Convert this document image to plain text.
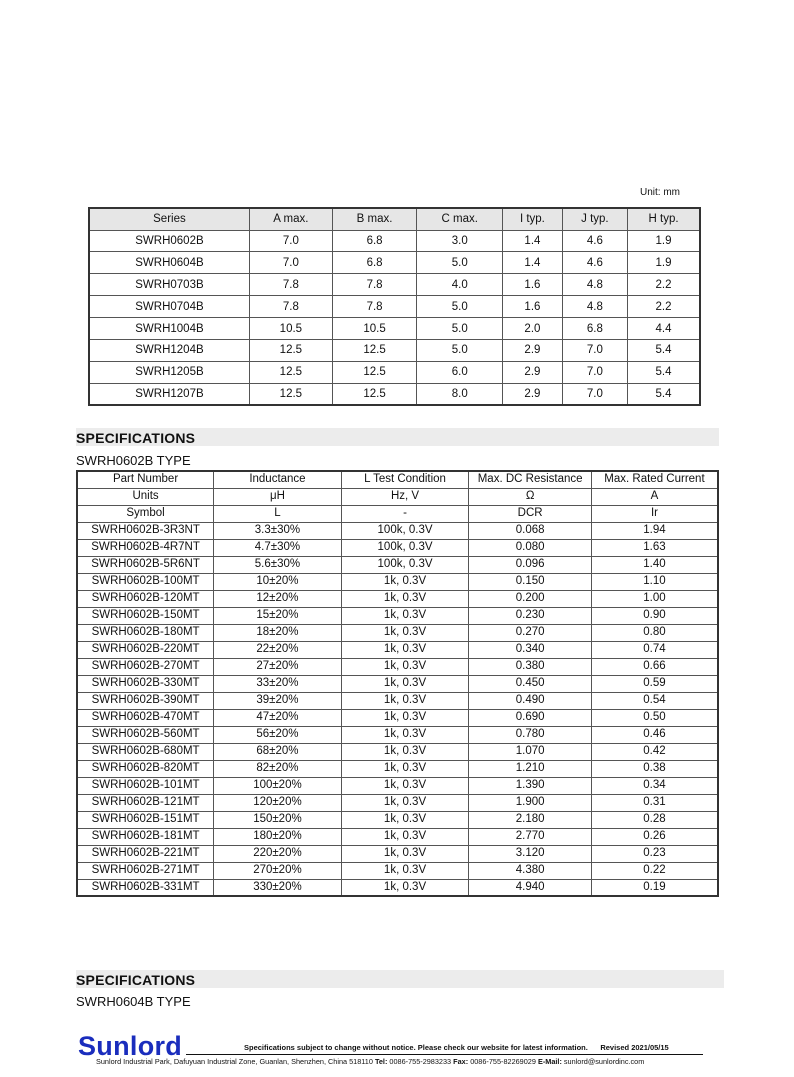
Unit: mm
Series	A max.	B max.	C max.	I typ.	J typ.	H typ.
SWRH0602B	7.0	6.8	3.0	1.4	4.6	1.9
SWRH0604B	7.0	6.8	5.0	1.4	4.6	1.9
SWRH0703B	7.8	7.8	4.0	1.6	4.8	2.2
SWRH0704B	7.8	7.8	5.0	1.6	4.8	2.2
SWRH1004B	10.5	10.5	5.0	2.0	6.8	4.4
SWRH1204B	12.5	12.5	5.0	2.9	7.0	5.4
SWRH1205B	12.5	12.5	6.0	2.9	7.0	5.4
SWRH1207B	12.5	12.5	8.0	2.9	7.0	5.4
SPECIFICATIONS
SWRH0602B TYPE
Part Number	Inductance	L Test Condition	Max. DC Resistance	Max. Rated Current
Units	μH	Hz, V	Ω	A
Symbol	L	-	DCR	Ir
SWRH0602B-3R3NT	3.3±30%	100k, 0.3V	0.068	1.94
SWRH0602B-4R7NT	4.7±30%	100k, 0.3V	0.080	1.63
SWRH0602B-5R6NT	5.6±30%	100k, 0.3V	0.096	1.40
SWRH0602B-100MT	10±20%	1k, 0.3V	0.150	1.10
SWRH0602B-120MT	12±20%	1k, 0.3V	0.200	1.00
SWRH0602B-150MT	15±20%	1k, 0.3V	0.230	0.90
SWRH0602B-180MT	18±20%	1k, 0.3V	0.270	0.80
SWRH0602B-220MT	22±20%	1k, 0.3V	0.340	0.74
SWRH0602B-270MT	27±20%	1k, 0.3V	0.380	0.66
SWRH0602B-330MT	33±20%	1k, 0.3V	0.450	0.59
SWRH0602B-390MT	39±20%	1k, 0.3V	0.490	0.54
SWRH0602B-470MT	47±20%	1k, 0.3V	0.690	0.50
SWRH0602B-560MT	56±20%	1k, 0.3V	0.780	0.46
SWRH0602B-680MT	68±20%	1k, 0.3V	1.070	0.42
SWRH0602B-820MT	82±20%	1k, 0.3V	1.210	0.38
SWRH0602B-101MT	100±20%	1k, 0.3V	1.390	0.34
SWRH0602B-121MT	120±20%	1k, 0.3V	1.900	0.31
SWRH0602B-151MT	150±20%	1k, 0.3V	2.180	0.28
SWRH0602B-181MT	180±20%	1k, 0.3V	2.770	0.26
SWRH0602B-221MT	220±20%	1k, 0.3V	3.120	0.23
SWRH0602B-271MT	270±20%	1k, 0.3V	4.380	0.22
SWRH0602B-331MT	330±20%	1k, 0.3V	4.940	0.19
SPECIFICATIONS
SWRH0604B TYPE
Sunlord	Specifications subject to change without notice. Please check our website for latest information. Revised 2021/05/15
Sunlord Industrial Park, Dafuyuan Industrial Zone, Guanlan, Shenzhen, China 518110 Tel: 0086-755-2983233 Fax: 0086-755-82269029 E-Mail: sunlord@sunlordinc.com
